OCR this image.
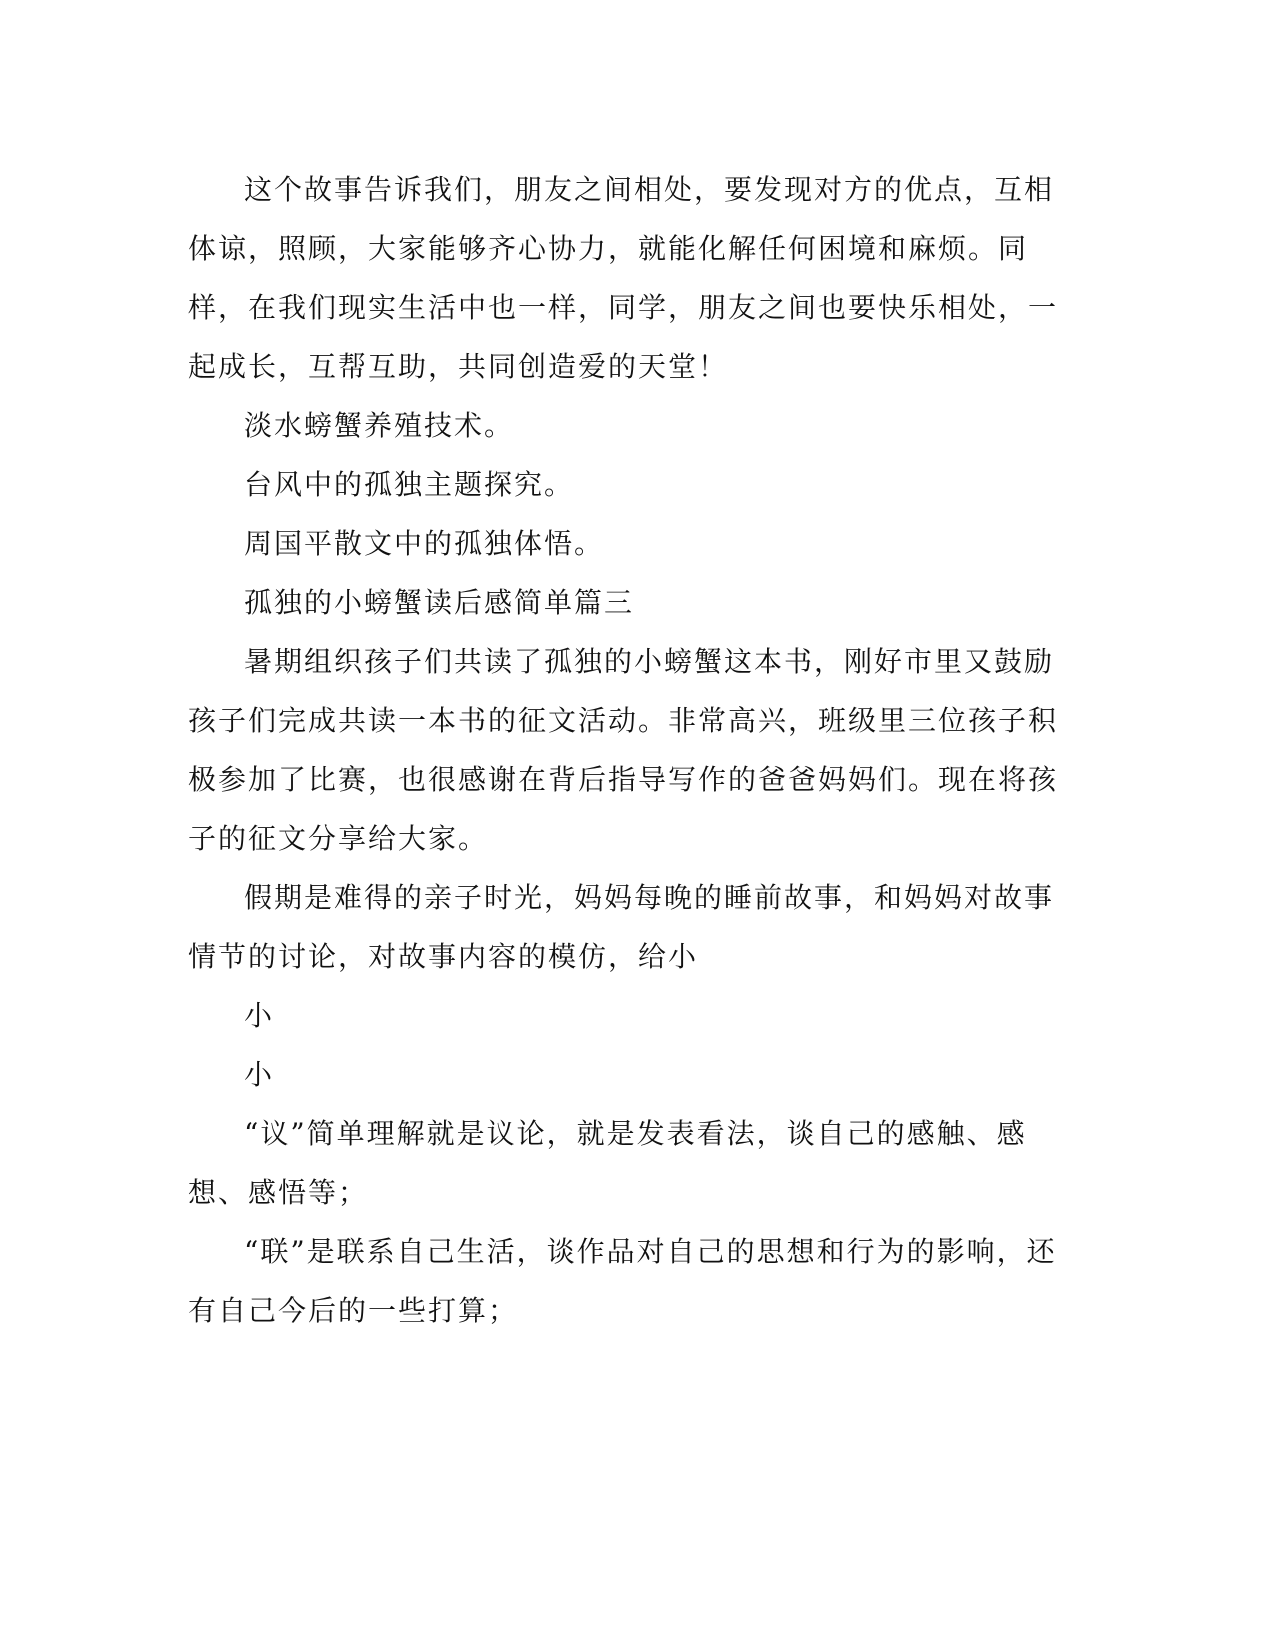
这个故事告诉我们，朋友之间相处，要发现对方的优点，互相体谅，照顾，大家能够齐心协力，就能化解任何困境和麻烦。同样，在我们现实生活中也一样，同学，朋友之间也要快乐相处，一起成长，互帮互助，共同创造爱的天堂！

淡水螃蟹养殖技术。

台风中的孤独主题探究。

周国平散文中的孤独体悟。

孤独的小螃蟹读后感简单篇三

暑期组织孩子们共读了孤独的小螃蟹这本书，刚好市里又鼓励孩子们完成共读一本书的征文活动。非常高兴，班级里三位孩子积极参加了比赛，也很感谢在背后指导写作的爸爸妈妈们。现在将孩子的征文分享给大家。

假期是难得的亲子时光，妈妈每晚的睡前故事，和妈妈对故事情节的讨论，对故事内容的模仿，给小

小

小

“议”简单理解就是议论，就是发表看法，谈自己的感触、感想、感悟等；

“联”是联系自己生活，谈作品对自己的思想和行为的影响，还有自己今后的一些打算；
